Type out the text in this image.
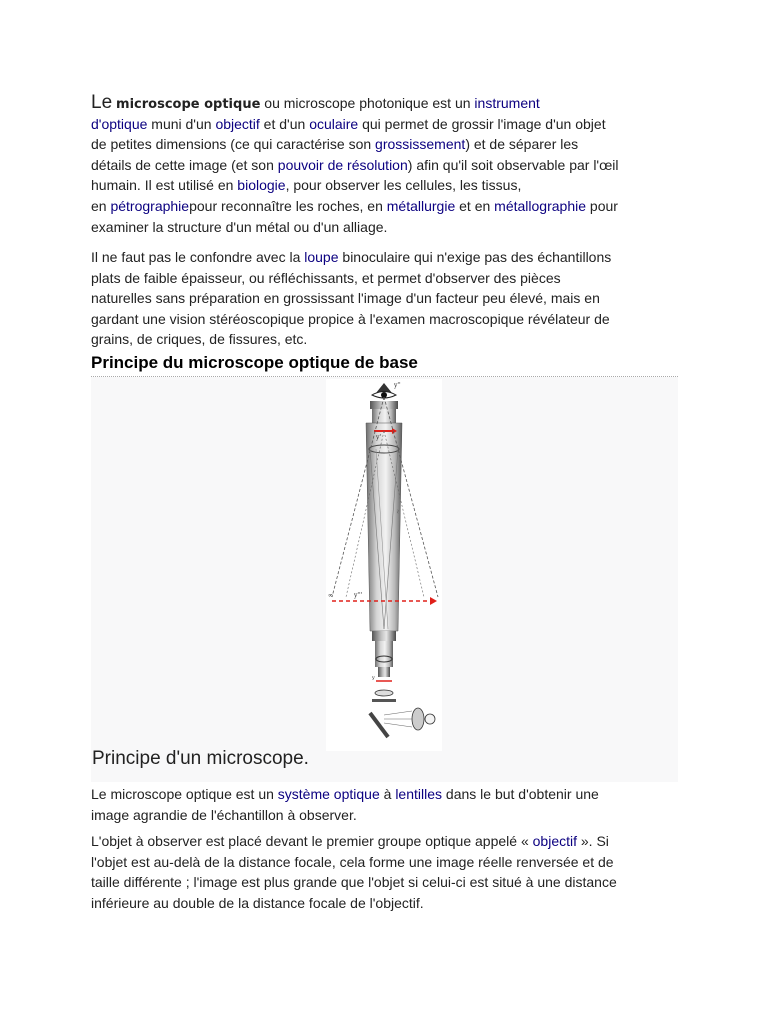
Le microscope optique ou microscope photonique est un instrument
d'optique muni d'un objectif et d'un oculaire qui permet de grossir l'image d'un objet
de petites dimensions (ce qui caractérise son grossissement) et de séparer les
détails de cette image (et son pouvoir de résolution) afin qu'il soit observable par l'œil
humain. Il est utilisé en biologie, pour observer les cellules, les tissus,
en pétrographiepour reconnaître les roches, en métallurgie et en métallographie pour
examiner la structure d'un métal ou d'un alliage.
Il ne faut pas le confondre avec la loupe binoculaire qui n'exige pas des échantillons
plats de faible épaisseur, ou réfléchissants, et permet d'observer des pièces
naturelles sans préparation en grossissant l'image d'un facteur peu élevé, mais en
gardant une vision stéréoscopique propice à l'examen macroscopique révélateur de
grains, de criques, de fissures, etc.
Principe du microscope optique de base
y''
y'
~
∞	y'''
y
Principe d'un microscope.
Le microscope optique est un système optique à lentilles dans le but d'obtenir une
image agrandie de l'échantillon à observer.
L'objet à observer est placé devant le premier groupe optique appelé « objectif ». Si
l'objet est au-delà de la distance focale, cela forme une image réelle renversée et de
taille différente ; l'image est plus grande que l'objet si celui-ci est situé à une distance
inférieure au double de la distance focale de l'objectif.
